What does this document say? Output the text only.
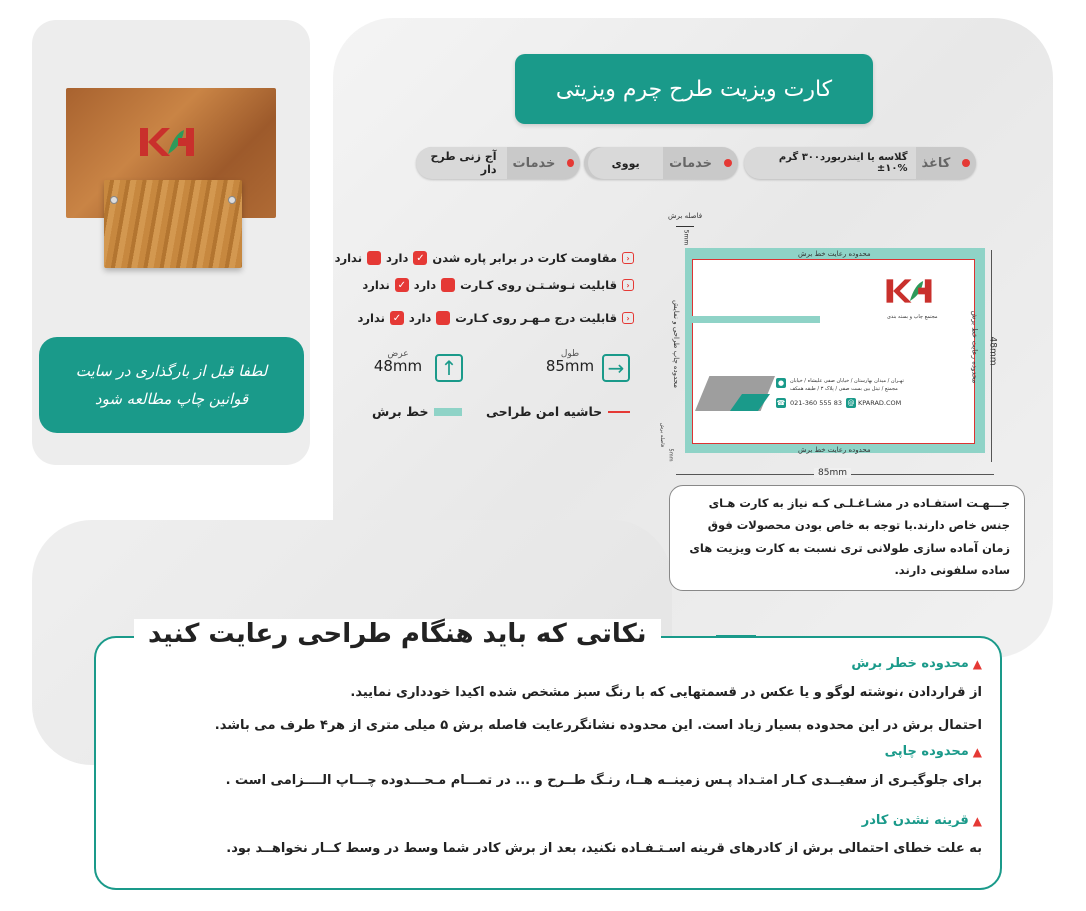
لطفا قبل از بارگذاری در سایت
قوانین چاپ مطالعه شود
کارت ویزیت طرح چرم ویزیتی
کاغذ
گلاسه یا ایندربورد۳۰۰ گرم %۱۰±
خدمات
یووی
خدمات
آج زنی طرح دار
‹
مقاومت کارت در برابر پاره شدن
✓
دارد
ندارد
‹
قابلیت نـوشـتـن روی کـارت
دارد
✓
ندارد
‹
قابلیت درج مـهـر روی کـارت
دارد
✓
ندارد
→
طول
85mm
↑
عرض
48mm
حاشیه امن طراحی
خط برش
فاصله برش
5mm
محدوده رعایت خط برش
محدوده رعایت خط برش
محدوده رعایت خط برش
محدوده چاپ طراحی و نمایش	مجتمع چاپ و بسته بندی
●	تهـران / میدان بهارستان / خیابان صفی علیشاه / خیابان
مجمتع / تیتل بین بست صفی / پلاک ۳ / طبقه همکف
☎ 021-360 555 83 @ KPARAD.COM
48mm
85mm
فاصله برش
5mm
جـــهـت استفـاده در مشـاغـلـی کـه نیاز به کارت هـای جنس خاص دارند.با توجه به خاص بودن محصولات فوق زمان آماده سازی طولانی تری نسبت به کارت ویزیت های ساده سلفونی دارند.
نکاتی که باید هنگام طراحی رعایت کنید
▲
محدوده خطر برش
از قراردادن ،نوشته لوگو و یا عکس در قسمتهایی که با رنگ سبز مشخص شده اکیدا خودداری نمایید.
احتمال برش در این محدوده بسیار زیاد است. این محدوده نشانگررعایت فاصله برش ۵ میلی متری از هر۴ طرف می باشد.
▲
محدوده چاپی
برای جلوگیـری از سفیــدی کـار امتـداد پـس زمینــه هــا، رنـگ طــرح و ... در تمـــام مـحـــدوده چـــاپ الــــزامی است .
▲
قرینه نشدن کادر
به علت خطای احتمالی برش از کادرهای قرینه اسـتـفـاده نکنید، بعد از برش کادر شما وسط در وسط کــار نخواهــد بود.
